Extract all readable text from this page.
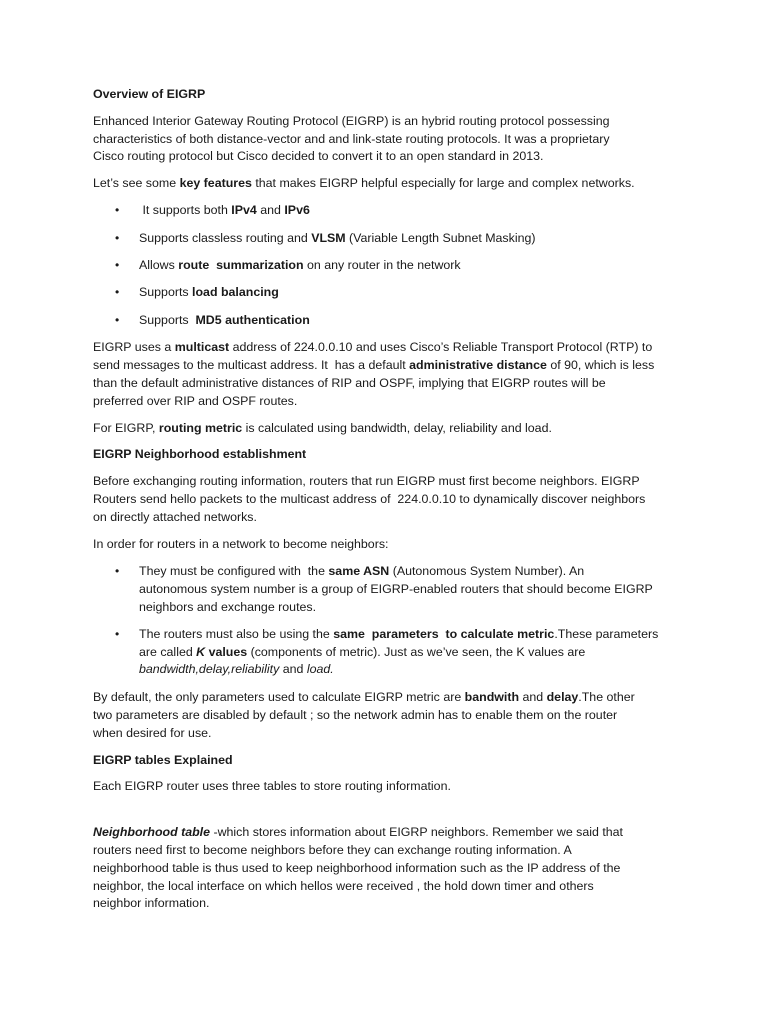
Overview of EIGRP

Enhanced Interior Gateway Routing Protocol (EIGRP) is an hybrid routing protocol possessing
characteristics of both distance-vector and and link-state routing protocols. It was a proprietary
Cisco routing protocol but Cisco decided to convert it to an open standard in 2013.

Let’s see some key features that makes EIGRP helpful especially for large and complex networks.

• It supports both IPv4 and IPv6
• Supports classless routing and VLSM (Variable Length Subnet Masking)
• Allows route  summarization on any router in the network
• Supports load balancing
• Supports  MD5 authentication

EIGRP uses a multicast address of 224.0.0.10 and uses Cisco’s Reliable Transport Protocol (RTP) to
send messages to the multicast address. It  has a default administrative distance of 90, which is less
than the default administrative distances of RIP and OSPF, implying that EIGRP routes will be
preferred over RIP and OSPF routes.

For EIGRP, routing metric is calculated using bandwidth, delay, reliability and load.

EIGRP Neighborhood establishment

Before exchanging routing information, routers that run EIGRP must first become neighbors. EIGRP
Routers send hello packets to the multicast address of  224.0.0.10 to dynamically discover neighbors
on directly attached networks.

In order for routers in a network to become neighbors:

• They must be configured with  the same ASN (Autonomous System Number). An
autonomous system number is a group of EIGRP-enabled routers that should become EIGRP
neighbors and exchange routes.
• The routers must also be using the same  parameters  to calculate metric.These parameters
are called K values (components of metric). Just as we’ve seen, the K values are
bandwidth,delay,reliability and load.

By default, the only parameters used to calculate EIGRP metric are bandwith and delay.The other
two parameters are disabled by default ; so the network admin has to enable them on the router
when desired for use.

EIGRP tables Explained

Each EIGRP router uses three tables to store routing information.

Neighborhood table -which stores information about EIGRP neighbors. Remember we said that
routers need first to become neighbors before they can exchange routing information. A
neighborhood table is thus used to keep neighborhood information such as the IP address of the
neighbor, the local interface on which hellos were received , the hold down timer and others
neighbor information.
